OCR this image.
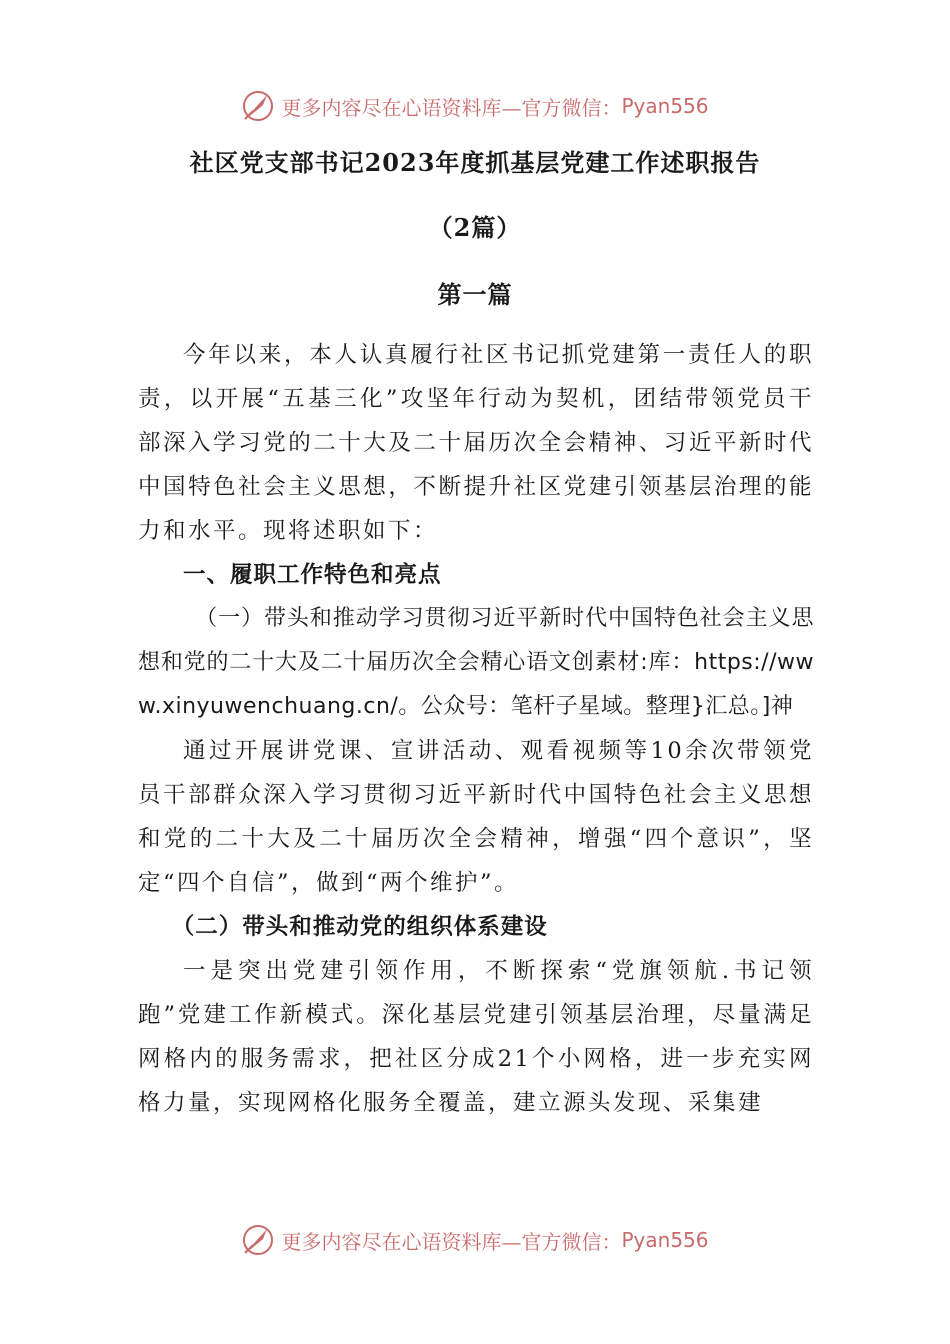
更多内容尽在心语资料库— 官方微信： Pyan556
社区党支部书记2023年度抓基层党建工作述职报告
（2篇）
第一篇

今年以来，本人认真履行社区书记抓党建第一责任人的职责，以开展“五基三化”攻坚年行动为契机，团结带领党员干部深入学习党的二十大及二十届历次全会精神、习近平新时代中国特色社会主义思想，不断提升社区党建引领基层治理的能力和水平。现将述职如下：

一、履职工作特色和亮点

（一）带头和推动学习贯彻习近平新时代中国特色社会主义思想和党的二十大及二十届历次全会精心语文创素材:库：https://www.xinyuwenchuang.cn/。公众号：笔杆子星域。整理}汇总。]神

通过开展讲党课、宣讲活动、观看视频等10余次带领党员干部群众深入学习贯彻习近平新时代中国特色社会主义思想和党的二十大及二十届历次全会精神，增强“四个意识”，坚定“四个自信”，做到“两个维护”。

（二）带头和推动党的组织体系建设

一是突出党建引领作用，不断探索“党旗领航.书记领跑”党建工作新模式。深化基层党建引领基层治理，尽量满足网格内的服务需求，把社区分成21个小网格，进一步充实网格力量，实现网格化服务全覆盖，建立源头发现、采集建

更多内容尽在心语资料库— 官方微信： Pyan556
